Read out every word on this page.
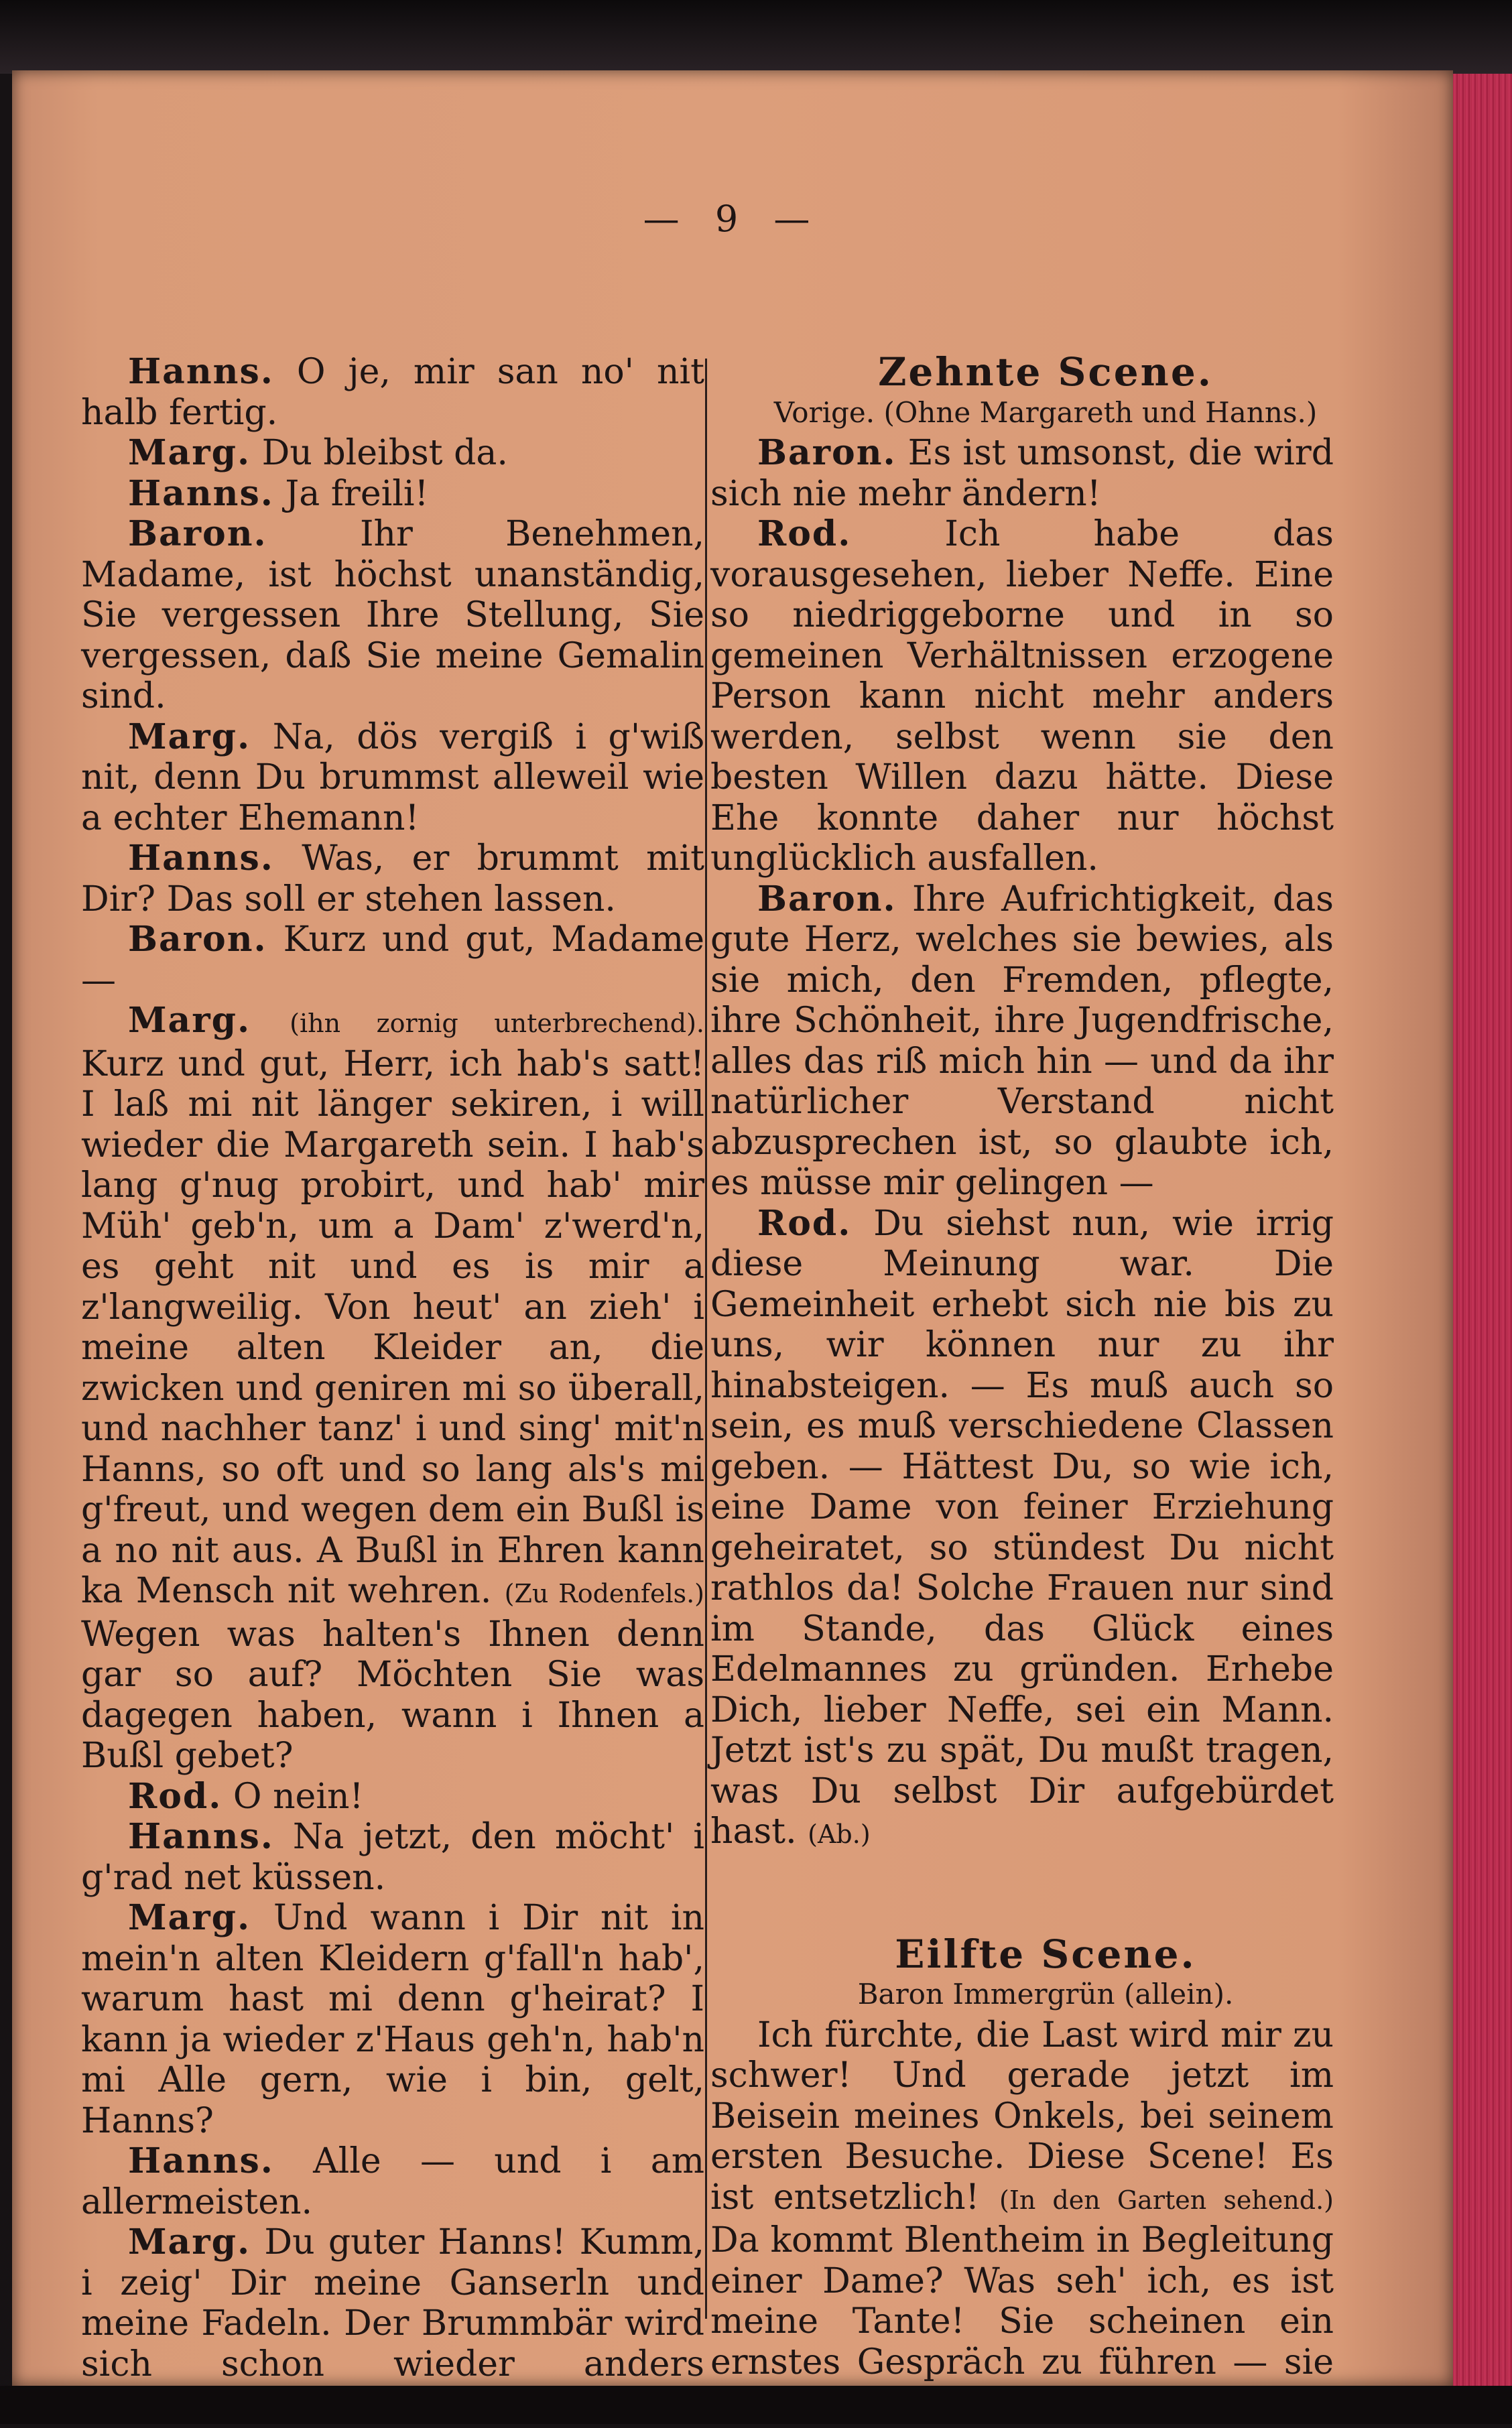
— 9 —

Hanns. O je, mir san no' nit halb fertig.

Marg. Du bleibst da.

Hanns. Ja freili!

Baron.	Ihr Benehmen, Madame, ist höchst unanständig, Sie vergessen Ihre Stellung, Sie vergessen, daß Sie meine Gemalin sind.

Marg. Na, dös vergiß i g'wiß nit, denn Du brummst alleweil wie a echter Ehemann!

Hanns. Was, er brummt mit Dir? Das soll er stehen lassen.

Baron. Kurz und gut, Madame —

Marg. (ihn zornig unterbrechend). Kurz und gut, Herr, ich hab's satt! I laß mi nit länger sekiren, i will wieder die Margareth sein. I hab's lang g'nug probirt, und hab' mir Müh' geb'n, um a Dam' z'werd'n, es geht nit und es is mir a z'langweilig. Von heut' an zieh' i meine alten Kleider an, die zwicken und geniren mi so überall, und nachher tanz' i und sing' mit'n Hanns, so oft und so lang als's mi g'freut, und wegen dem ein Bußl is a no nit aus. A Bußl in Ehren kann ka Mensch nit wehren. (Zu Rodenfels.) Wegen was halten's Ihnen denn gar so auf? Möchten Sie was dagegen haben, wann i Ihnen a Bußl gebet?

Rod. O nein!

Hanns. Na jetzt, den möcht' i g'rad net küssen.

Marg. Und wann i Dir nit in mein'n alten Kleidern g'fall'n hab', warum hast mi denn g'heirat? I kann ja wieder z'Haus geh'n, hab'n mi Alle gern, wie i bin, gelt, Hanns?

Hanns. Alle — und i am allermeisten.

Marg. Du guter Hanns! Kumm, i zeig' Dir meine Ganserln und meine Fadeln. Der Brummbär wird sich schon wieder anders

Zehnte Scene.

Vorige. (Ohne Margareth und Hanns.)

Baron. Es ist umsonst, die wird sich nie mehr ändern!

Rod.	Ich habe das vorausgesehen, lieber Neffe. Eine so niedriggeborne und in so gemeinen Verhältnissen erzogene Person kann nicht mehr anders werden, selbst wenn sie den besten Willen dazu hätte. Diese Ehe konnte daher nur höchst unglücklich ausfallen.

Baron. Ihre Aufrichtigkeit, das gute Herz, welches sie bewies, als sie mich, den Fremden, pflegte, ihre Schönheit, ihre Jugendfrische, alles das riß mich hin — und da ihr natürlicher Verstand nicht abzusprechen ist, so glaubte ich, es müsse mir gelingen —

Rod. Du siehst nun, wie irrig diese Meinung war. Die Gemeinheit erhebt sich nie bis zu uns, wir können nur zu ihr hinabsteigen. — Es muß auch so sein, es muß verschiedene Classen geben. — Hättest Du, so wie ich, eine Dame von feiner Erziehung geheiratet, so stündest Du nicht rathlos da! Solche Frauen nur sind im Stande, das Glück eines Edelmannes zu gründen. Erhebe Dich, lieber Neffe, sei ein Mann. Jetzt ist's zu spät, Du mußt tragen, was Du selbst Dir aufgebürdet hast. (Ab.)

Eilfte Scene.

Baron Immergrün (allein).

Ich fürchte, die Last wird mir zu schwer! Und gerade jetzt im Beisein meines Onkels, bei seinem ersten Besuche. Diese Scene! Es ist entsetzlich! (In den Garten sehend.) Da kommt Blentheim in Begleitung einer Dame? Was seh' ich, es ist meine Tante! Sie scheinen ein ernstes Gespräch zu führen — sie
